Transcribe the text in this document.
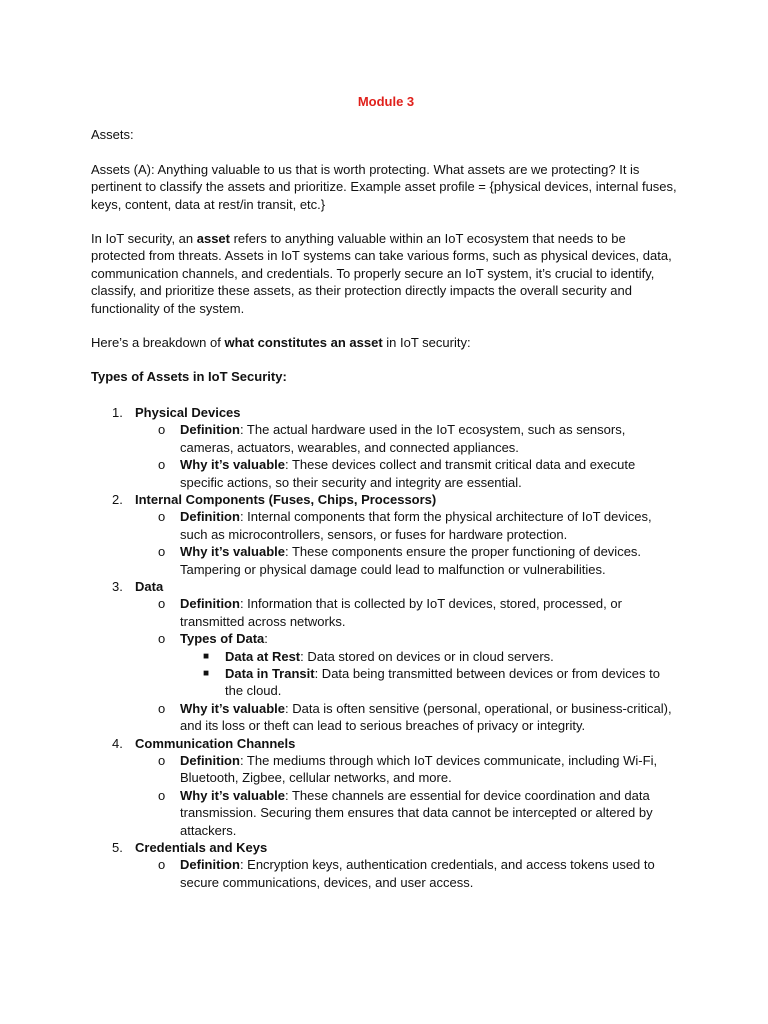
Module 3

Assets:

Assets (A): Anything valuable to us that is worth protecting. What assets are we protecting? It is pertinent to classify the assets and prioritize. Example asset profile = {physical devices, internal fuses, keys, content, data at rest/in transit, etc.}

In IoT security, an asset refers to anything valuable within an IoT ecosystem that needs to be protected from threats. Assets in IoT systems can take various forms, such as physical devices, data, communication channels, and credentials. To properly secure an IoT system, it’s crucial to identify, classify, and prioritize these assets, as their protection directly impacts the overall security and functionality of the system.

Here’s a breakdown of what constitutes an asset in IoT security:

Types of Assets in IoT Security:
1. Physical Devices
o Definition: The actual hardware used in the IoT ecosystem, such as sensors, cameras, actuators, wearables, and connected appliances.
o Why it’s valuable: These devices collect and transmit critical data and execute specific actions, so their security and integrity are essential.
2. Internal Components (Fuses, Chips, Processors)
o Definition: Internal components that form the physical architecture of IoT devices, such as microcontrollers, sensors, or fuses for hardware protection.
o Why it’s valuable: These components ensure the proper functioning of devices. Tampering or physical damage could lead to malfunction or vulnerabilities.
3. Data
o Definition: Information that is collected by IoT devices, stored, processed, or transmitted across networks.
o Types of Data:
■ Data at Rest: Data stored on devices or in cloud servers.
■ Data in Transit: Data being transmitted between devices or from devices to the cloud.
o Why it’s valuable: Data is often sensitive (personal, operational, or business-critical), and its loss or theft can lead to serious breaches of privacy or integrity.
4. Communication Channels
o Definition: The mediums through which IoT devices communicate, including Wi-Fi, Bluetooth, Zigbee, cellular networks, and more.
o Why it’s valuable: These channels are essential for device coordination and data transmission. Securing them ensures that data cannot be intercepted or altered by attackers.
5. Credentials and Keys
o Definition: Encryption keys, authentication credentials, and access tokens used to secure communications, devices, and user access.
